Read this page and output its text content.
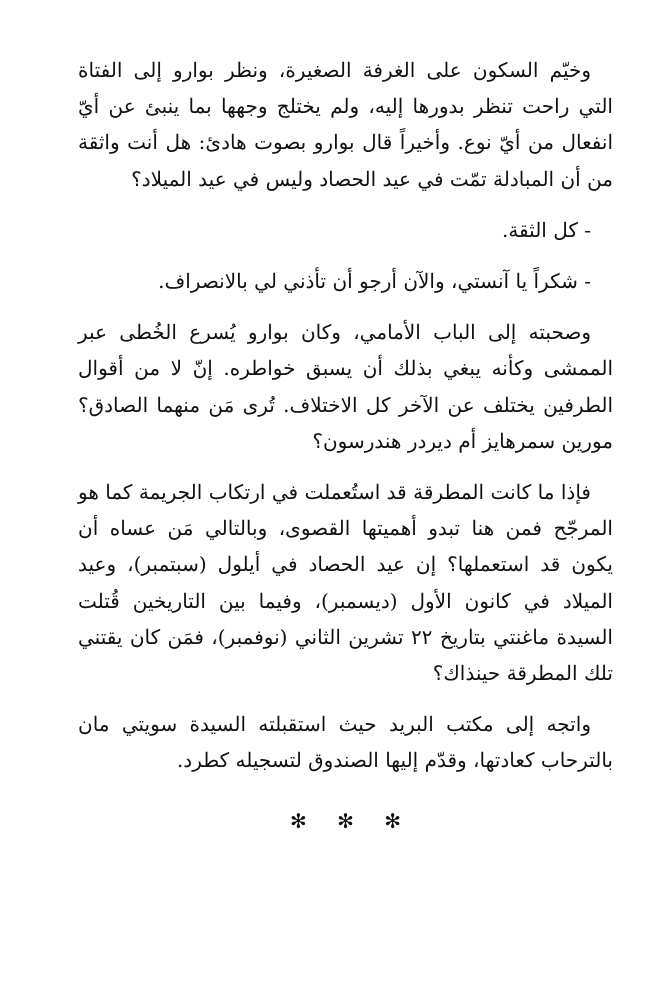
وخيّم السكون على الغرفة الصغيرة، ونظر بوارو إلى الفتاة التي راحت تنظر بدورها إليه، ولم يختلج وجهها بما ينبئ عن أيّ انفعال من أيّ نوع. وأخيراً قال بوارو بصوت هادئ: هل أنت واثقة من أن المبادلة تمّت في عيد الحصاد وليس في عيد الميلاد؟

- كل الثقة.

- شكراً يا آنستي، والآن أرجو أن تأذني لي بالانصراف.

وصحبته إلى الباب الأمامي، وكان بوارو يُسرع الخُطى عبر الممشى وكأنه يبغي بذلك أن يسبق خواطره. إنّ لا من أقوال الطرفين يختلف عن الآخر كل الاختلاف. تُرى مَن منهما الصادق؟ مورين سمرهايز أم ديردر هندرسون؟

فإذا ما كانت المطرقة قد استُعملت في ارتكاب الجريمة كما هو المرجّح فمن هنا تبدو أهميتها القصوى، وبالتالي مَن عساه أن يكون قد استعملها؟ إن عيد الحصاد في أيلول (سبتمبر)، وعيد الميلاد في كانون الأول (ديسمبر)، وفيما بين التاريخين قُتلت السيدة ماغنتي بتاريخ ٢٢ تشرين الثاني (نوفمبر)، فمَن كان يقتني تلك المطرقة حينذاك؟

واتجه إلى مكتب البريد حيث استقبلته السيدة سويتي مان بالترحاب كعادتها، وقدّم إليها الصندوق لتسجيله كطرد.

✻ ✻ ✻
